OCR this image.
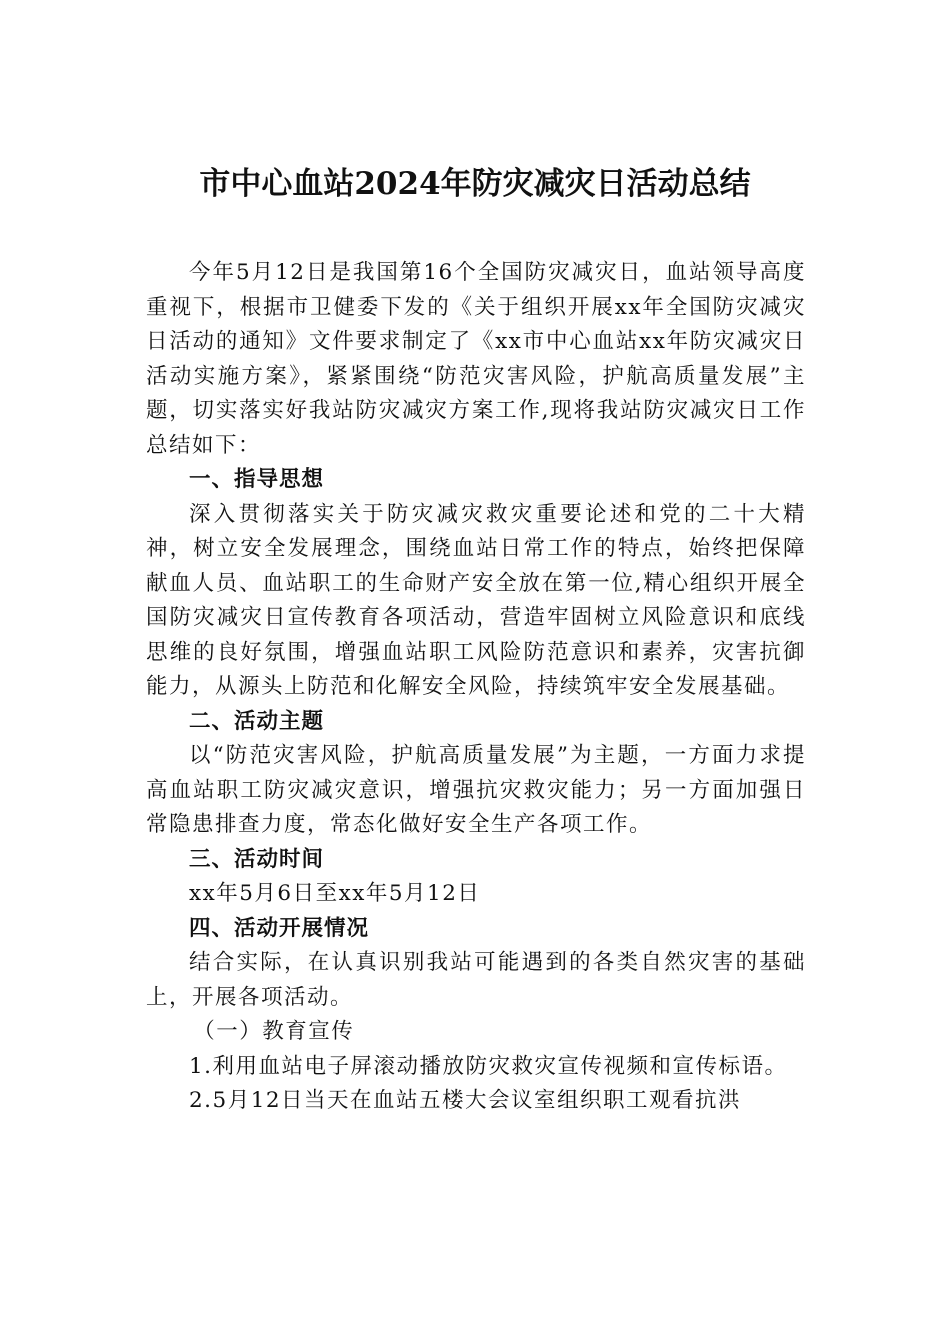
市中心血站2024年防灾减灾日活动总结

今年5月12日是我国第16个全国防灾减灾日，血站领导高度重视下，根据市卫健委下发的《关于组织开展xx年全国防灾减灾日活动的通知》文件要求制定了《xx市中心血站xx年防灾减灾日活动实施方案》，紧紧围绕“防范灾害风险，护航高质量发展”主题，切实落实好我站防灾减灾方案工作,现将我站防灾减灾日工作总结如下：

一、指导思想

深入贯彻落实关于防灾减灾救灾重要论述和党的二十大精神，树立安全发展理念，围绕血站日常工作的特点，始终把保障献血人员、血站职工的生命财产安全放在第一位,精心组织开展全国防灾减灾日宣传教育各项活动，营造牢固树立风险意识和底线思维的良好氛围，增强血站职工风险防范意识和素养，灾害抗御能力，从源头上防范和化解安全风险，持续筑牢安全发展基础。

二、活动主题

以“防范灾害风险，护航高质量发展”为主题，一方面力求提高血站职工防灾减灾意识，增强抗灾救灾能力；另一方面加强日常隐患排查力度，常态化做好安全生产各项工作。

三、活动时间

xx年5月6日至xx年5月12日

四、活动开展情况

结合实际，在认真识别我站可能遇到的各类自然灾害的基础上，开展各项活动。

（一）教育宣传

1.利用血站电子屏滚动播放防灾救灾宣传视频和宣传标语。

2.5月12日当天在血站五楼大会议室组织职工观看抗洪
